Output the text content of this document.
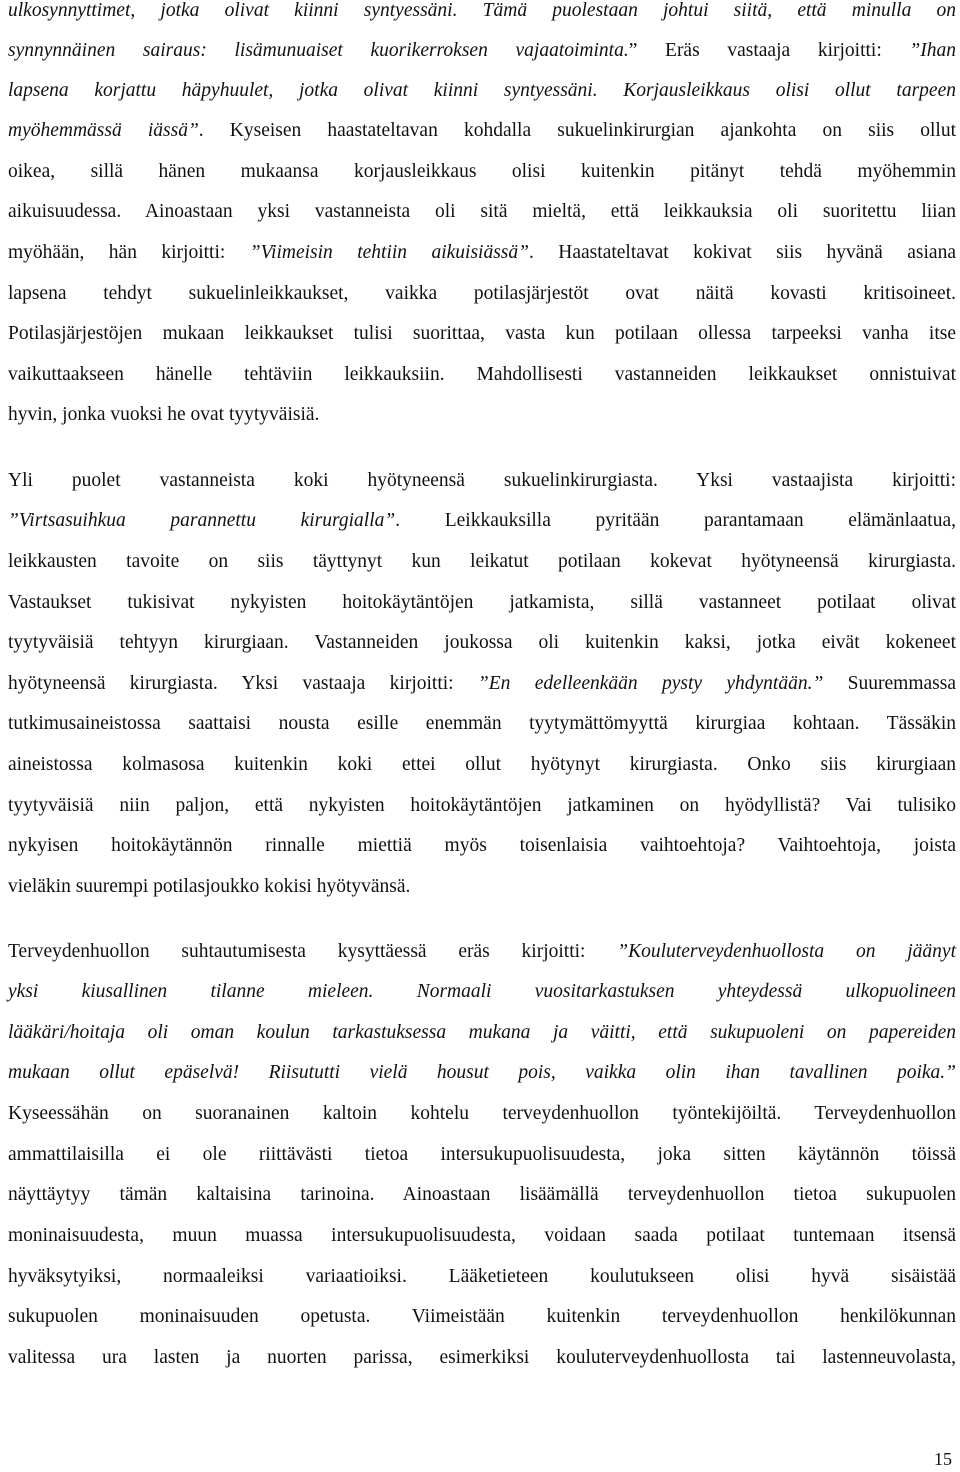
ulkosynnyttimet, jotka olivat kiinni syntyessäni. Tämä puolestaan johtui siitä, että minulla on
synnynnäinen sairaus: lisämunuaiset kuorikerroksen vajaatoiminta.” Eräs vastaaja kirjoitti: ”Ihan
lapsena korjattu häpyhuulet, jotka olivat kiinni syntyessäni. Korjausleikkaus olisi ollut tarpeen
myöhemmässä iässä”. Kyseisen haastateltavan kohdalla sukuelinkirurgian ajankohta on siis ollut
oikea, sillä hänen mukaansa korjausleikkaus olisi kuitenkin pitänyt tehdä myöhemmin
aikuisuudessa. Ainoastaan yksi vastanneista oli sitä mieltä, että leikkauksia oli suoritettu liian
myöhään, hän kirjoitti: ”Viimeisin tehtiin aikuisiässä”. Haastateltavat kokivat siis hyvänä asiana
lapsena tehdyt sukuelinleikkaukset, vaikka potilasjärjestöt ovat näitä kovasti kritisoineet.
Potilasjärjestöjen mukaan leikkaukset tulisi suorittaa, vasta kun potilaan ollessa tarpeeksi vanha itse
vaikuttaakseen hänelle tehtäviin leikkauksiin. Mahdollisesti vastanneiden leikkaukset onnistuivat
hyvin, jonka vuoksi he ovat tyytyväisiä.
Yli puolet vastanneista koki hyötyneensä sukuelinkirurgiasta. Yksi vastaajista kirjoitti:
”Virtsasuihkua parannettu kirurgialla”. Leikkauksilla pyritään parantamaan elämänlaatua,
leikkausten tavoite on siis täyttynyt kun leikatut potilaan kokevat hyötyneensä kirurgiasta.
Vastaukset tukisivat nykyisten hoitokäytäntöjen jatkamista, sillä vastanneet potilaat olivat
tyytyväisiä tehtyyn kirurgiaan. Vastanneiden joukossa oli kuitenkin kaksi, jotka eivät kokeneet
hyötyneensä kirurgiasta. Yksi vastaaja kirjoitti: ”En edelleenkään pysty yhdyntään.” Suuremmassa
tutkimusaineistossa saattaisi nousta esille enemmän tyytymättömyyttä kirurgiaa kohtaan. Tässäkin
aineistossa kolmasosa kuitenkin koki ettei ollut hyötynyt kirurgiasta. Onko siis kirurgiaan
tyytyväisiä niin paljon, että nykyisten hoitokäytäntöjen jatkaminen on hyödyllistä? Vai tulisiko
nykyisen hoitokäytännön rinnalle miettiä myös toisenlaisia vaihtoehtoja? Vaihtoehtoja, joista
vieläkin suurempi potilasjoukko kokisi hyötyvänsä.
Terveydenhuollon suhtautumisesta kysyttäessä eräs kirjoitti: ”Kouluterveydenhuollosta on jäänyt
yksi kiusallinen tilanne mieleen. Normaali vuositarkastuksen yhteydessä ulkopuolineen
lääkäri/hoitaja oli oman koulun tarkastuksessa mukana ja väitti, että sukupuoleni on papereiden
mukaan ollut epäselvä! Riisututti vielä housut pois, vaikka olin ihan tavallinen poika.”
Kyseessähän on suoranainen kaltoin kohtelu terveydenhuollon työntekijöiltä. Terveydenhuollon
ammattilaisilla ei ole riittävästi tietoa intersukupuolisuudesta, joka sitten käytännön töissä
näyttäytyy tämän kaltaisina tarinoina. Ainoastaan lisäämällä terveydenhuollon tietoa sukupuolen
moninaisuudesta, muun muassa intersukupuolisuudesta, voidaan saada potilaat tuntemaan itsensä
hyväksytyiksi, normaaleiksi variaatioiksi. Lääketieteen koulutukseen olisi hyvä sisäistää
sukupuolen moninaisuuden opetusta. Viimeistään kuitenkin terveydenhuollon henkilökunnan
valitessa ura lasten ja nuorten parissa, esimerkiksi kouluterveydenhuollosta tai lastenneuvolasta,
15
